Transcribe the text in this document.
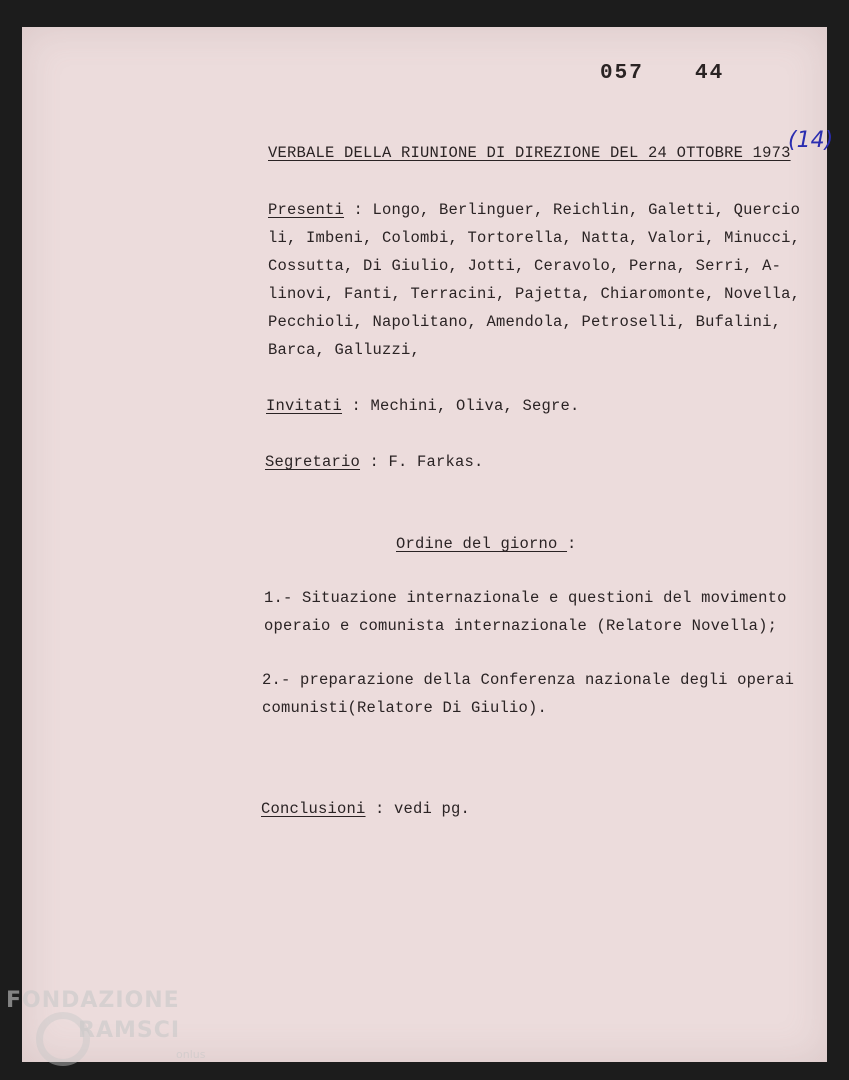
057 44
VERBALE DELLA RIUNIONE DI DIREZIONE DEL 24 OTTOBRE 1973
(14)
Presenti : Longo, Berlinguer, Reichlin, Galetti, Quercio
li, Imbeni, Colombi, Tortorella, Natta, Valori, Minucci,
Cossutta, Di Giulio, Jotti, Ceravolo, Perna, Serri, A-
linovi, Fanti, Terracini, Pajetta, Chiaromonte, Novella,
Pecchioli, Napolitano, Amendola, Petroselli, Bufalini,
Barca, Galluzzi,
Invitati : Mechini, Oliva, Segre.
Segretario : F. Farkas.
Ordine del giorno :
1.- Situazione internazionale e questioni del movimento
operaio e comunista internazionale (Relatore Novella);
2.- preparazione della Conferenza nazionale degli operai
comunisti(Relatore Di Giulio).
Conclusioni : vedi pg.
FONDAZIONE
RAMSCI
onlus
